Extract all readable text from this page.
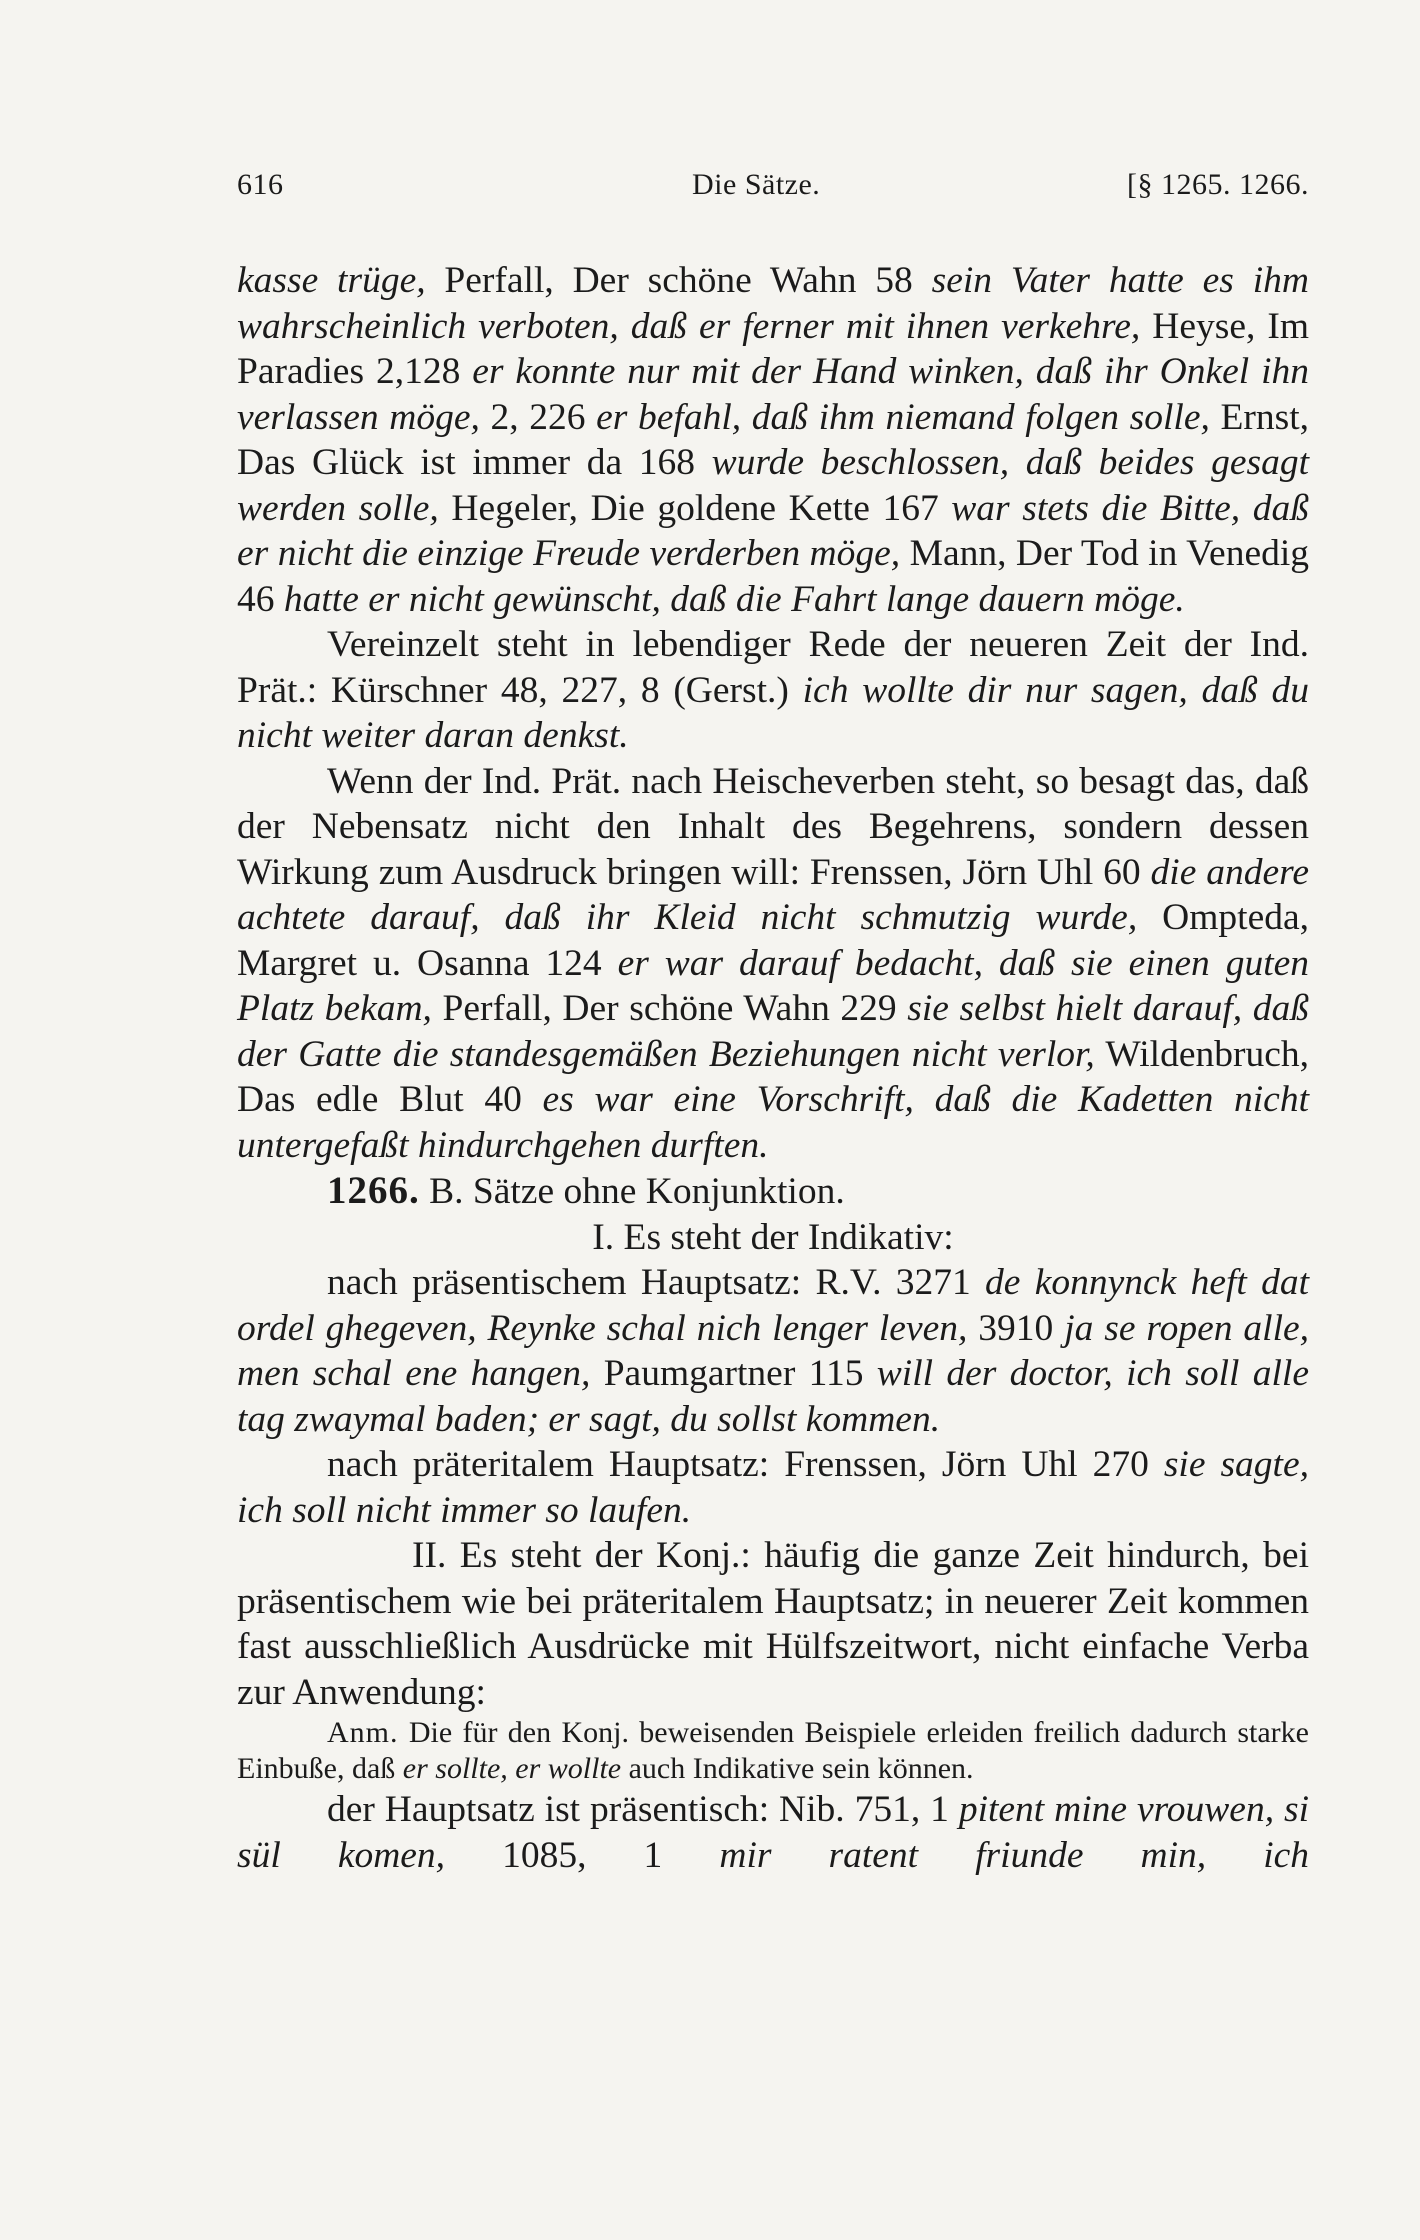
616	Die Sätze.	[§ 1265. 1266.

kasse trüge, Perfall, Der schöne Wahn 58 sein Vater hatte es ihm wahrscheinlich verboten, daß er ferner mit ihnen verkehre, Heyse, Im Paradies 2,128 er konnte nur mit der Hand winken, daß ihr Onkel ihn verlassen möge, 2, 226 er befahl, daß ihm niemand folgen solle, Ernst, Das Glück ist immer da 168 wurde beschlossen, daß beides gesagt werden solle, Hegeler, Die goldene Kette 167 war stets die Bitte, daß er nicht die einzige Freude verderben möge, Mann, Der Tod in Venedig 46 hatte er nicht gewünscht, daß die Fahrt lange dauern möge.

Vereinzelt steht in lebendiger Rede der neueren Zeit der Ind. Prät.: Kürschner 48, 227, 8 (Gerst.) ich wollte dir nur sagen, daß du nicht weiter daran denkst.

Wenn der Ind. Prät. nach Heischeverben steht, so besagt das, daß der Nebensatz nicht den Inhalt des Begehrens, sondern dessen Wirkung zum Ausdruck bringen will: Frenssen, Jörn Uhl 60 die andere achtete darauf, daß ihr Kleid nicht schmutzig wurde, Ompteda, Margret u. Osanna 124 er war darauf bedacht, daß sie einen guten Platz bekam, Perfall, Der schöne Wahn 229 sie selbst hielt darauf, daß der Gatte die standesgemäßen Beziehungen nicht verlor, Wildenbruch, Das edle Blut 40 es war eine Vorschrift, daß die Kadetten nicht untergefaßt hindurchgehen durften.

1266. B. Sätze ohne Konjunktion.

I. Es steht der Indikativ:

nach präsentischem Hauptsatz: R.V. 3271 de konnynck heft dat ordel ghegeven, Reynke schal nich lenger leven, 3910 ja se ropen alle, men schal ene hangen, Paumgartner 115 will der doctor, ich soll alle tag zwaymal baden; er sagt, du sollst kommen.

nach präteritalem Hauptsatz: Frenssen, Jörn Uhl 270 sie sagte, ich soll nicht immer so laufen.

II. Es steht der Konj.: häufig die ganze Zeit hindurch, bei präsentischem wie bei präteritalem Hauptsatz; in neuerer Zeit kommen fast ausschließlich Ausdrücke mit Hülfszeitwort, nicht einfache Verba zur Anwendung:

Anm. Die für den Konj. beweisenden Beispiele erleiden freilich dadurch starke Einbuße, daß er sollte, er wollte auch Indikative sein können.

der Hauptsatz ist präsentisch: Nib. 751, 1 pitent mine vrouwen, si sül komen, 1085, 1 mir ratent friunde min, ich
